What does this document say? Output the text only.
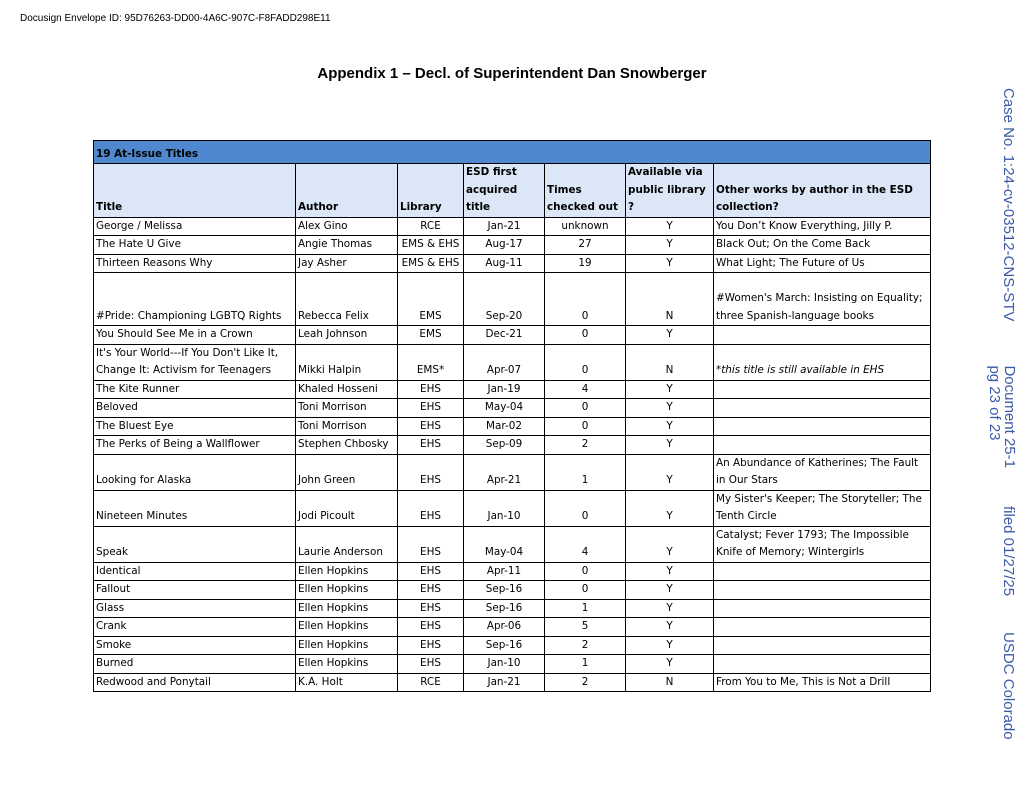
Docusign Envelope ID: 95D76263-DD00-4A6C-907C-F8FADD298E11
Appendix 1 – Decl. of Superintendent Dan Snowberger
Case No. 1:24-cv-03512-CNS-STVDocument 25-1
pg 23 of 23filed 01/27/25USDC Colorado
19 At-Issue Titles						
Title	Author	Library	ESD first acquired title	Times checked out	Available via public library ?	Other works by author in the ESD collection?
George / Melissa	Alex Gino	RCE	Jan-21	unknown	Y	You Don’t Know Everything, Jilly P.
The Hate U Give	Angie Thomas	EMS & EHS	Aug-17	27	Y	Black Out; On the Come Back
Thirteen Reasons Why	Jay Asher	EMS & EHS	Aug-11	19	Y	What Light; The Future of Us
#Pride: Championing LGBTQ Rights	Rebecca Felix	EMS	Sep-20	0	N	#Women's March: Insisting on Equality; three Spanish-language books
You Should See Me in a Crown	Leah Johnson	EMS	Dec-21	0	Y	
It's Your World---If You Don't Like It, Change It: Activism for Teenagers	Mikki Halpin	EMS*	Apr-07	0	N	*this title is still available in EHS
The Kite Runner	Khaled Hosseni	EHS	Jan-19	4	Y	
Beloved	Toni Morrison	EHS	May-04	0	Y	
The Bluest Eye	Toni Morrison	EHS	Mar-02	0	Y	
The Perks of Being a Wallflower	Stephen Chbosky	EHS	Sep-09	2	Y	
Looking for Alaska	John Green	EHS	Apr-21	1	Y	An Abundance of Katherines; The Fault in Our Stars
Nineteen Minutes	Jodi Picoult	EHS	Jan-10	0	Y	My Sister's Keeper; The Storyteller; The Tenth Circle
Speak	Laurie Anderson	EHS	May-04	4	Y	Catalyst; Fever 1793; The Impossible Knife of Memory; Wintergirls
Identical	Ellen Hopkins	EHS	Apr-11	0	Y	
Fallout	Ellen Hopkins	EHS	Sep-16	0	Y	
Glass	Ellen Hopkins	EHS	Sep-16	1	Y	
Crank	Ellen Hopkins	EHS	Apr-06	5	Y	
Smoke	Ellen Hopkins	EHS	Sep-16	2	Y	
Burned	Ellen Hopkins	EHS	Jan-10	1	Y	
Redwood and Ponytail	K.A. Holt	RCE	Jan-21	2	N	From You to Me, This is Not a Drill
